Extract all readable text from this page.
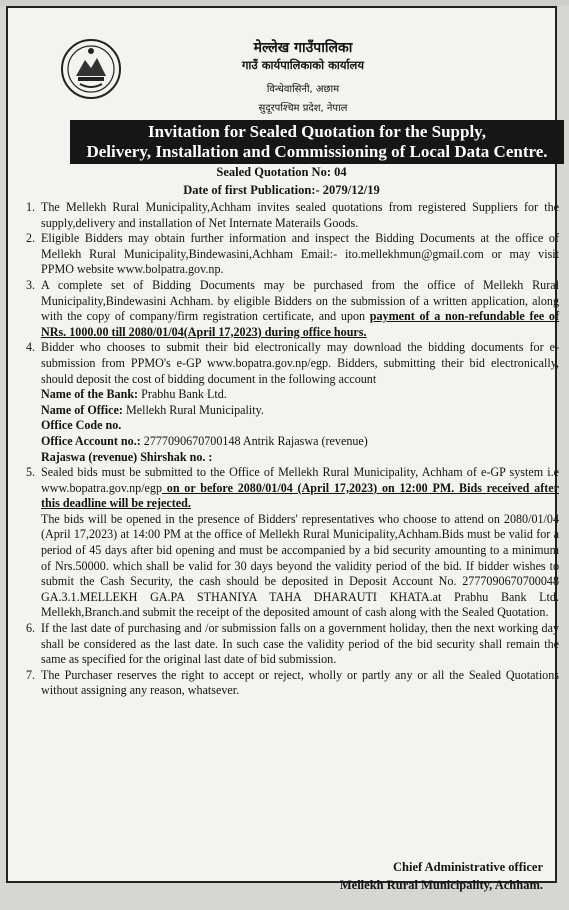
मेल्लेख गाउँपालिका
गाउँ कार्यपालिकाको कार्यालय
विन्धेवासिनी, अछाम
सुदूरपश्चिम प्रदेश, नेपाल
Invitation for Sealed Quotation for the Supply,
Delivery, Installation and Commissioning of Local Data Centre.
Sealed Quotation No: 04
Date of first Publication:- 2079/12/19
1. The Mellekh Rural Municipality,Achham invites sealed quotations from registered Suppliers for the supply,delivery and installation of Net Internate Materails Goods.
2. Eligible Bidders may obtain further information and inspect the Bidding Documents at the office of Mellekh Rural Municipality,Bindewasini,Achham Email:- ito.mellekhmun@gmail.com or may visit PPMO website www.bolpatra.gov.np.
3. A complete set of Bidding Documents may be purchased from the office of Mellekh Rural Municipality,Bindewasini Achham. by eligible Bidders on the submission of a written application, along with the copy of company/firm registration certificate, and upon payment of a non-refundable fee of NRs. 1000.00 till 2080/01/04(April 17,2023) during office hours.
4. Bidder who chooses to submit their bid electronically may download the bidding documents for e-submission from PPMO's e-GP www.bopatra.gov.np/egp. Bidders, submitting their bid electronically, should deposit the cost of bidding document in the following account
Name of the Bank: Prabhu Bank Ltd.
Name of Office: Mellekh Rural Municipality.
Office Code no.
Office Account no.: 2777090670700148 Antrik Rajaswa (revenue)
Rajaswa (revenue) Shirshak no. :
5. Sealed bids must be submitted to the Office of Mellekh Rural Municipality, Achham of e-GP system i.e www.bopatra.gov.np/egp on or before 2080/01/04 (April 17,2023) on 12:00 PM. Bids received after this deadline will be rejected.
The bids will be opened in the presence of Bidders' representatives who choose to attend on 2080/01/04 (April 17,2023) at 14:00 PM at the office of Mellekh Rural Municipality,Achham.Bids must be valid for a period of 45 days after bid opening and must be accompanied by a bid security amounting to a minimum of Nrs.50000. which shall be valid for 30 days beyond the validity period of the bid. If bidder wishes to submit the Cash Security, the cash should be deposited in Deposit Account No. 2777090670700048 GA.3.1.MELLEKH GA.PA STHANIYA TAHA DHARAUTI KHATA.at Prabhu Bank Ltd. Mellekh,Branch.and submit the receipt of the deposited amount of cash along with the Sealed Quotation.
6. If the last date of purchasing and /or submission falls on a government holiday, then the next working day shall be considered as the last date. In such case the validity period of the bid security shall remain the same as specified for the original last date of bid submission.
7. The Purchaser reserves the right to accept or reject, wholly or partly any or all the Sealed Quotations without assigning any reason, whatsever.
Chief Administrative officer
Mellekh Rural Municipality, Achham.
